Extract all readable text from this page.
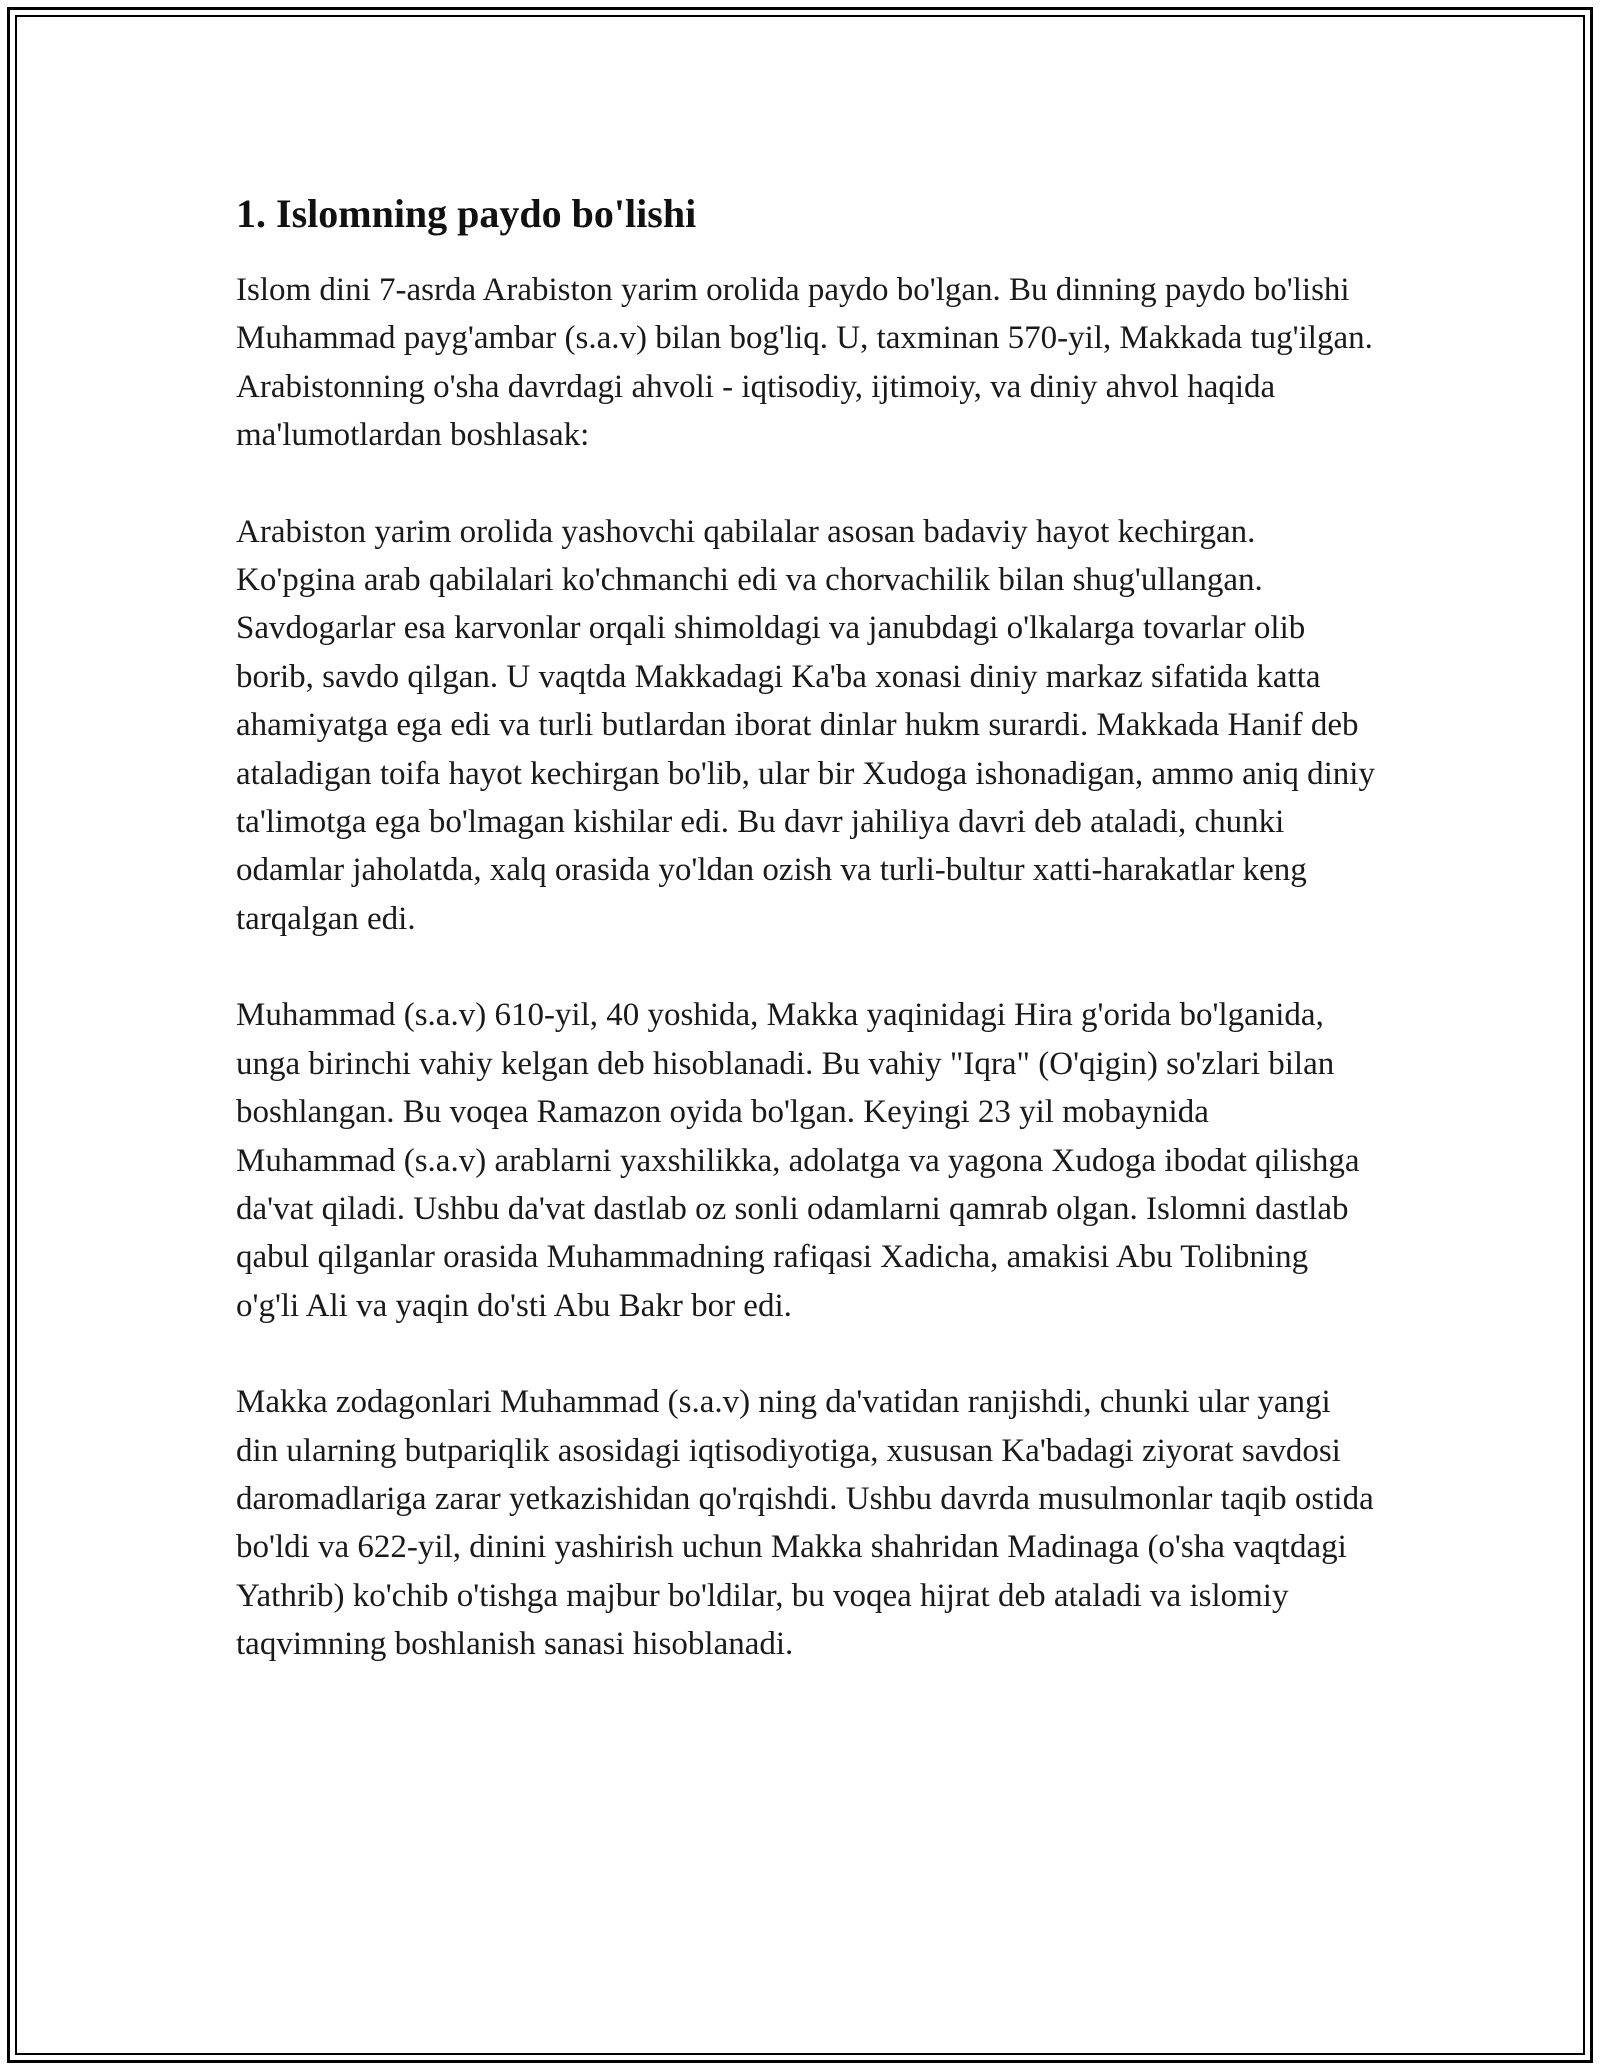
1. Islomning paydo bo'lishi

Islom dini 7-asrda Arabiston yarim orolida paydo bo'lgan. Bu dinning paydo bo'lishi Muhammad payg'ambar (s.a.v) bilan bog'liq. U, taxminan 570-yil, Makkada tug'ilgan. Arabistonning o'sha davrdagi ahvoli - iqtisodiy, ijtimoiy, va diniy ahvol haqida ma'lumotlardan boshlasak:

Arabiston yarim orolida yashovchi qabilalar asosan badaviy hayot kechirgan. Ko'pgina arab qabilalari ko'chmanchi edi va chorvachilik bilan shug'ullangan. Savdogarlar esa karvonlar orqali shimoldagi va janubdagi o'lkalarga tovarlar olib borib, savdo qilgan. U vaqtda Makkadagi Ka'ba xonasi diniy markaz sifatida katta ahamiyatga ega edi va turli butlardan iborat dinlar hukm surardi. Makkada Hanif deb ataladigan toifa hayot kechirgan bo'lib, ular bir Xudoga ishonadigan, ammo aniq diniy ta'limotga ega bo'lmagan kishilar edi. Bu davr jahiliya davri deb ataladi, chunki odamlar jaholatda, xalq orasida yo'ldan ozish va turli-bultur xatti-harakatlar keng tarqalgan edi.

Muhammad (s.a.v) 610-yil, 40 yoshida, Makka yaqinidagi Hira g'orida bo'lganida, unga birinchi vahiy kelgan deb hisoblanadi. Bu vahiy "Iqra" (O'qigin) so'zlari bilan boshlangan. Bu voqea Ramazon oyida bo'lgan. Keyingi 23 yil mobaynida Muhammad (s.a.v) arablarni yaxshilikka, adolatga va yagona Xudoga ibodat qilishga da'vat qiladi. Ushbu da'vat dastlab oz sonli odamlarni qamrab olgan. Islomni dastlab qabul qilganlar orasida Muhammadning rafiqasi Xadicha, amakisi Abu Tolibning o'g'li Ali va yaqin do'sti Abu Bakr bor edi.

Makka zodagonlari Muhammad (s.a.v) ning da'vatidan ranjishdi, chunki ular yangi din ularning butpariqlik asosidagi iqtisodiyotiga, xususan Ka'badagi ziyorat savdosi daromadlariga zarar yetkazishidan qo'rqishdi. Ushbu davrda musulmonlar taqib ostida bo'ldi va 622-yil, dinini yashirish uchun Makka shahridan Madinaga (o'sha vaqtdagi Yathrib) ko'chib o'tishga majbur bo'ldilar, bu voqea hijrat deb ataladi va islomiy taqvimning boshlanish sanasi hisoblanadi.
